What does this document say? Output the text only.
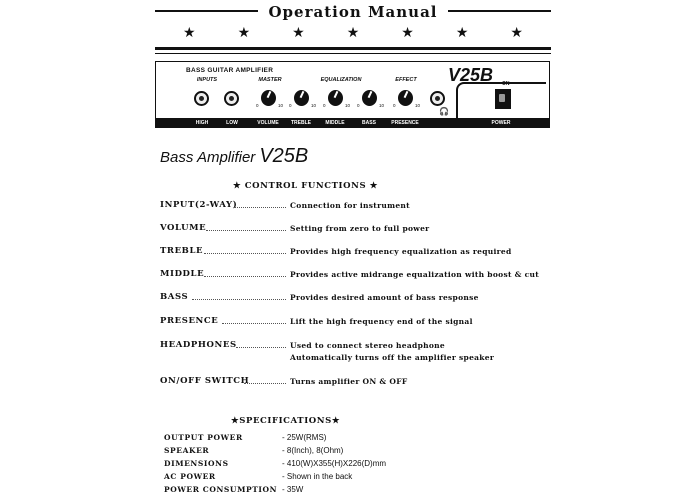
Operation Manual
★	★	★	★	★	★	★
BASS GUITAR AMPLIFIER
INPUTS	MASTER	EQUALIZATION	EFFECT
0	10 0	10 0	10 0	10 0	10
🎧
V25B ON
HIGH	LOW	VOLUME TREBLE	MIDDLE	BASS	PRESENCE	POWER
Bass Amplifier V25B
★ CONTROL FUNCTIONS ★
INPUT(2-WAY)	Connection for instrument
VOLUME	Setting from zero to full power
TREBLE	Provides high frequency equalization as required
MIDDLE	Provides active midrange equalization with boost & cut
BASS	Provides desired amount of bass response
PRESENCE	Lift the high frequency end of the signal
HEADPHONES	Used to connect stereo headphone
Automatically turns off the amplifier speaker
ON/OFF SWITCH	Turns amplifier ON & OFF
★SPECIFICATIONS★
OUTPUT POWER	- 25W(RMS)
SPEAKER	- 8(Inch), 8(Ohm)
DIMENSIONS	- 410(W)X355(H)X226(D)mm
AC POWER	- Shown in the back
POWER CONSUMPTION - 35W
